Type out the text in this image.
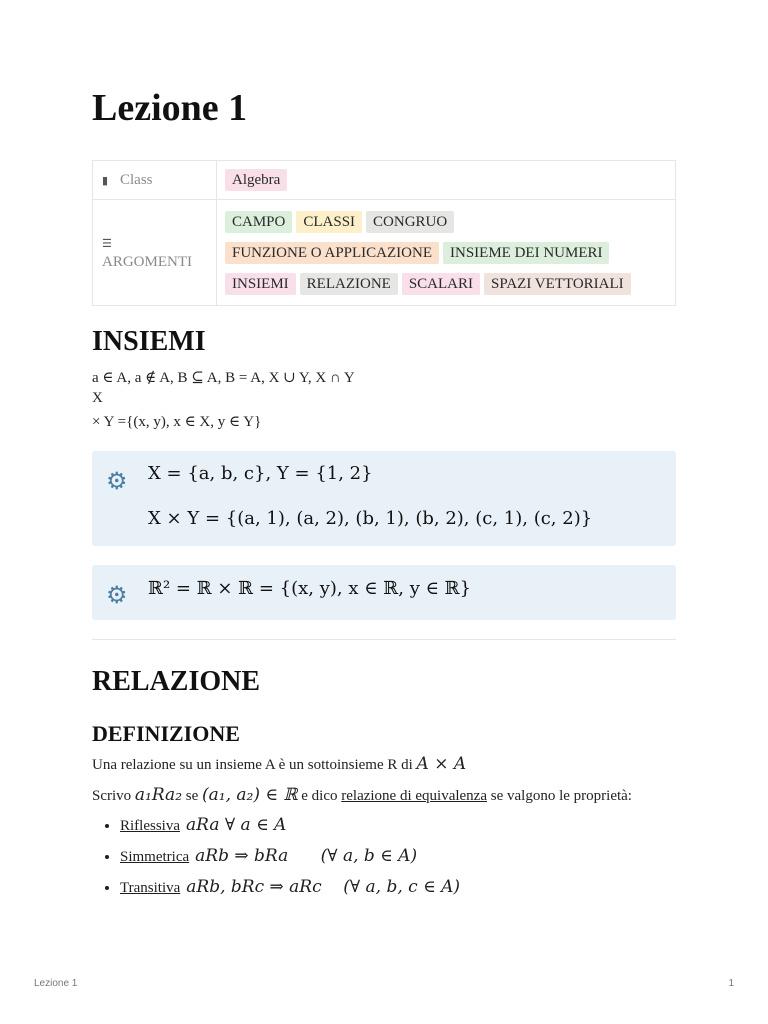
Lezione 1
▮ Class	Algebra
☰
ARGOMENTI	CAMPO CLASSI CONGRUO
FUNZIONE O APPLICAZIONE INSIEME DEI NUMERI
INSIEMI RELAZIONE SCALARI SPAZI VETTORIALI
INSIEMI

a ∈ A, a ∉ A, B ⊆ A, B = A, X ∪ Y, X ∩ Y

X

× Y ={(x, y), x ∈ X, y ∈ Y}

⚙ X = {a, b, c}, Y = {1, 2}
X × Y = {(a, 1), (a, 2), (b, 1), (b, 2), (c, 1), (c, 2)}
⚙ ℝ² = ℝ × ℝ = {(x, y), x ∈ ℝ, y ∈ ℝ}
RELAZIONE
DEFINIZIONE

Una relazione su un insieme A è un sottoinsieme R di A × A

Scrivo a₁Ra₂ se (a₁, a₂) ∈ ℝ e dico relazione di equivalenza se valgono le proprietà:

• Riflessiva aRa ∀ a ∈ A
• Simmetrica aRb ⇒ bRa      (∀ a, b ∈ A)
• Transitiva aRb, bRc ⇒ aRc    (∀ a, b, c ∈ A)
Lezione 1	1
